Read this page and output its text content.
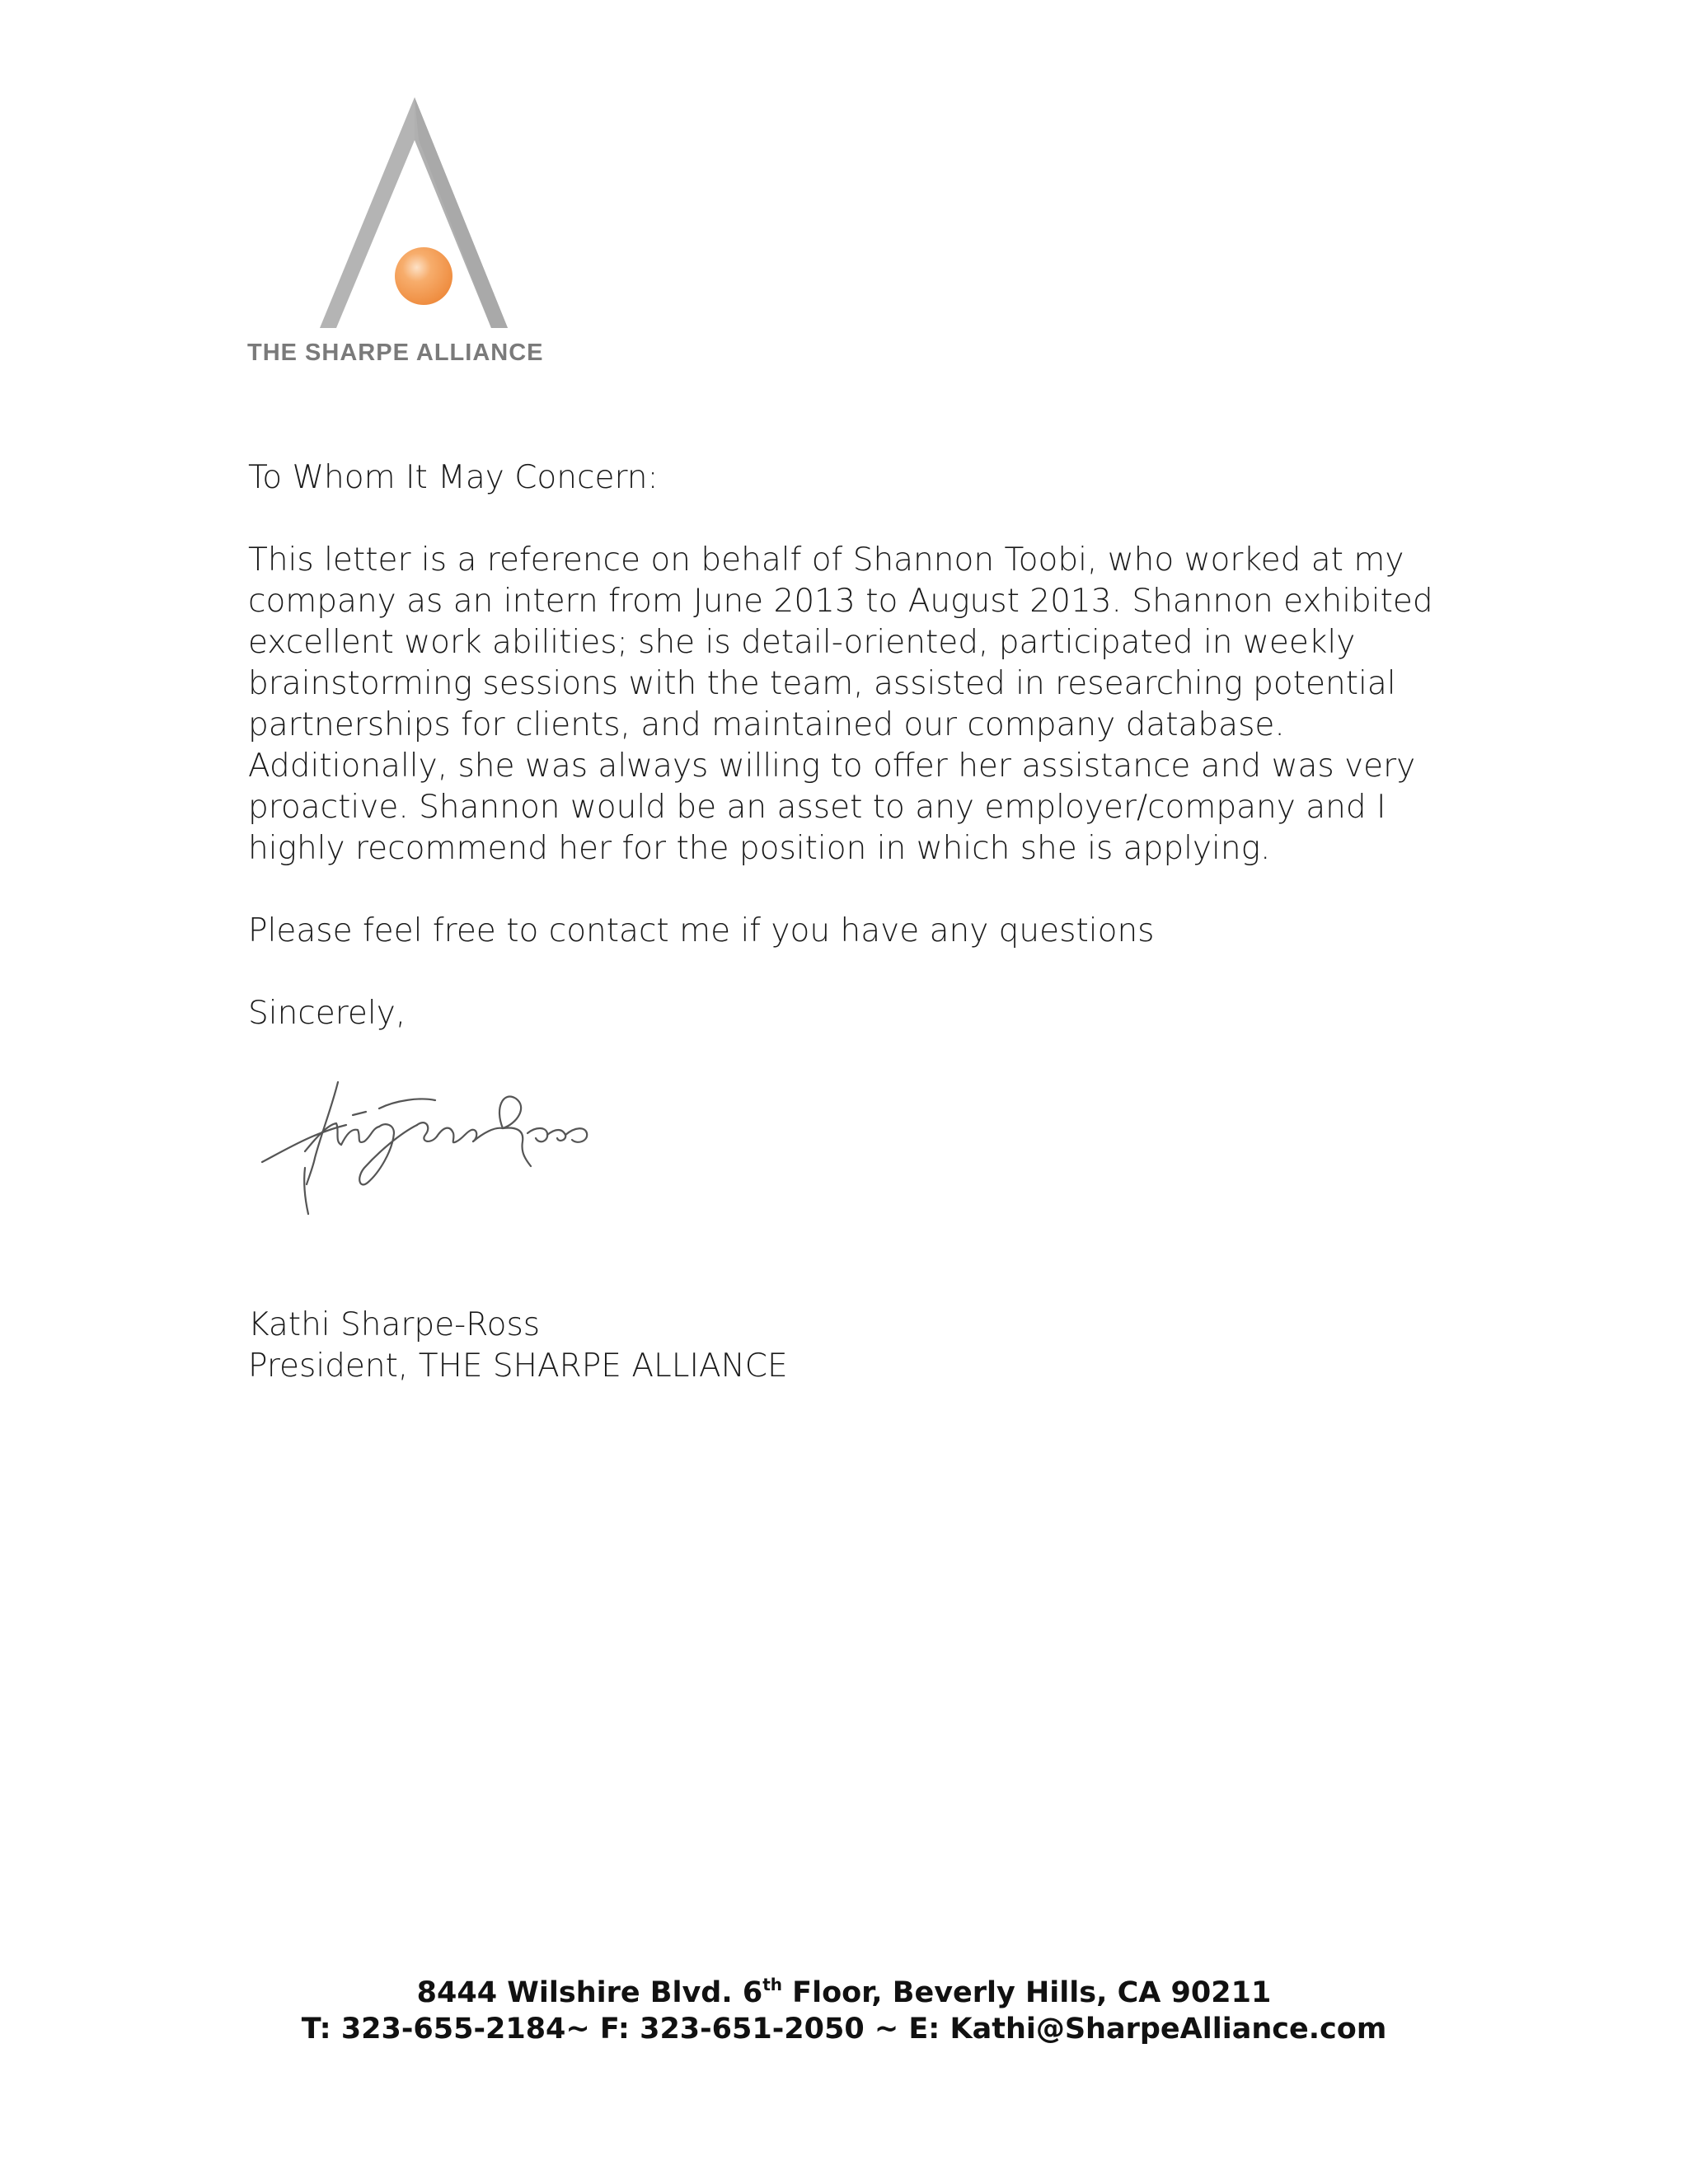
THE SHARPE ALLIANCE

To Whom It May Concern:

This letter is a reference on behalf of Shannon Toobi, who worked at my
company as an intern from June 2013 to August 2013. Shannon exhibited
excellent work abilities; she is detail-oriented, participated in weekly
brainstorming sessions with the team, assisted in researching potential
partnerships for clients, and maintained our company database.
Additionally, she was always willing to offer her assistance and was very
proactive. Shannon would be an asset to any employer/company and I
highly recommend her for the position in which she is applying.

Please feel free to contact me if you have any questions

Sincerely,

Kathi Sharpe-Ross
President, THE SHARPE ALLIANCE
8444 Wilshire Blvd. 6th Floor, Beverly Hills, CA 90211
T: 323-655-2184~ F: 323-651-2050 ~ E: Kathi@SharpeAlliance.com
